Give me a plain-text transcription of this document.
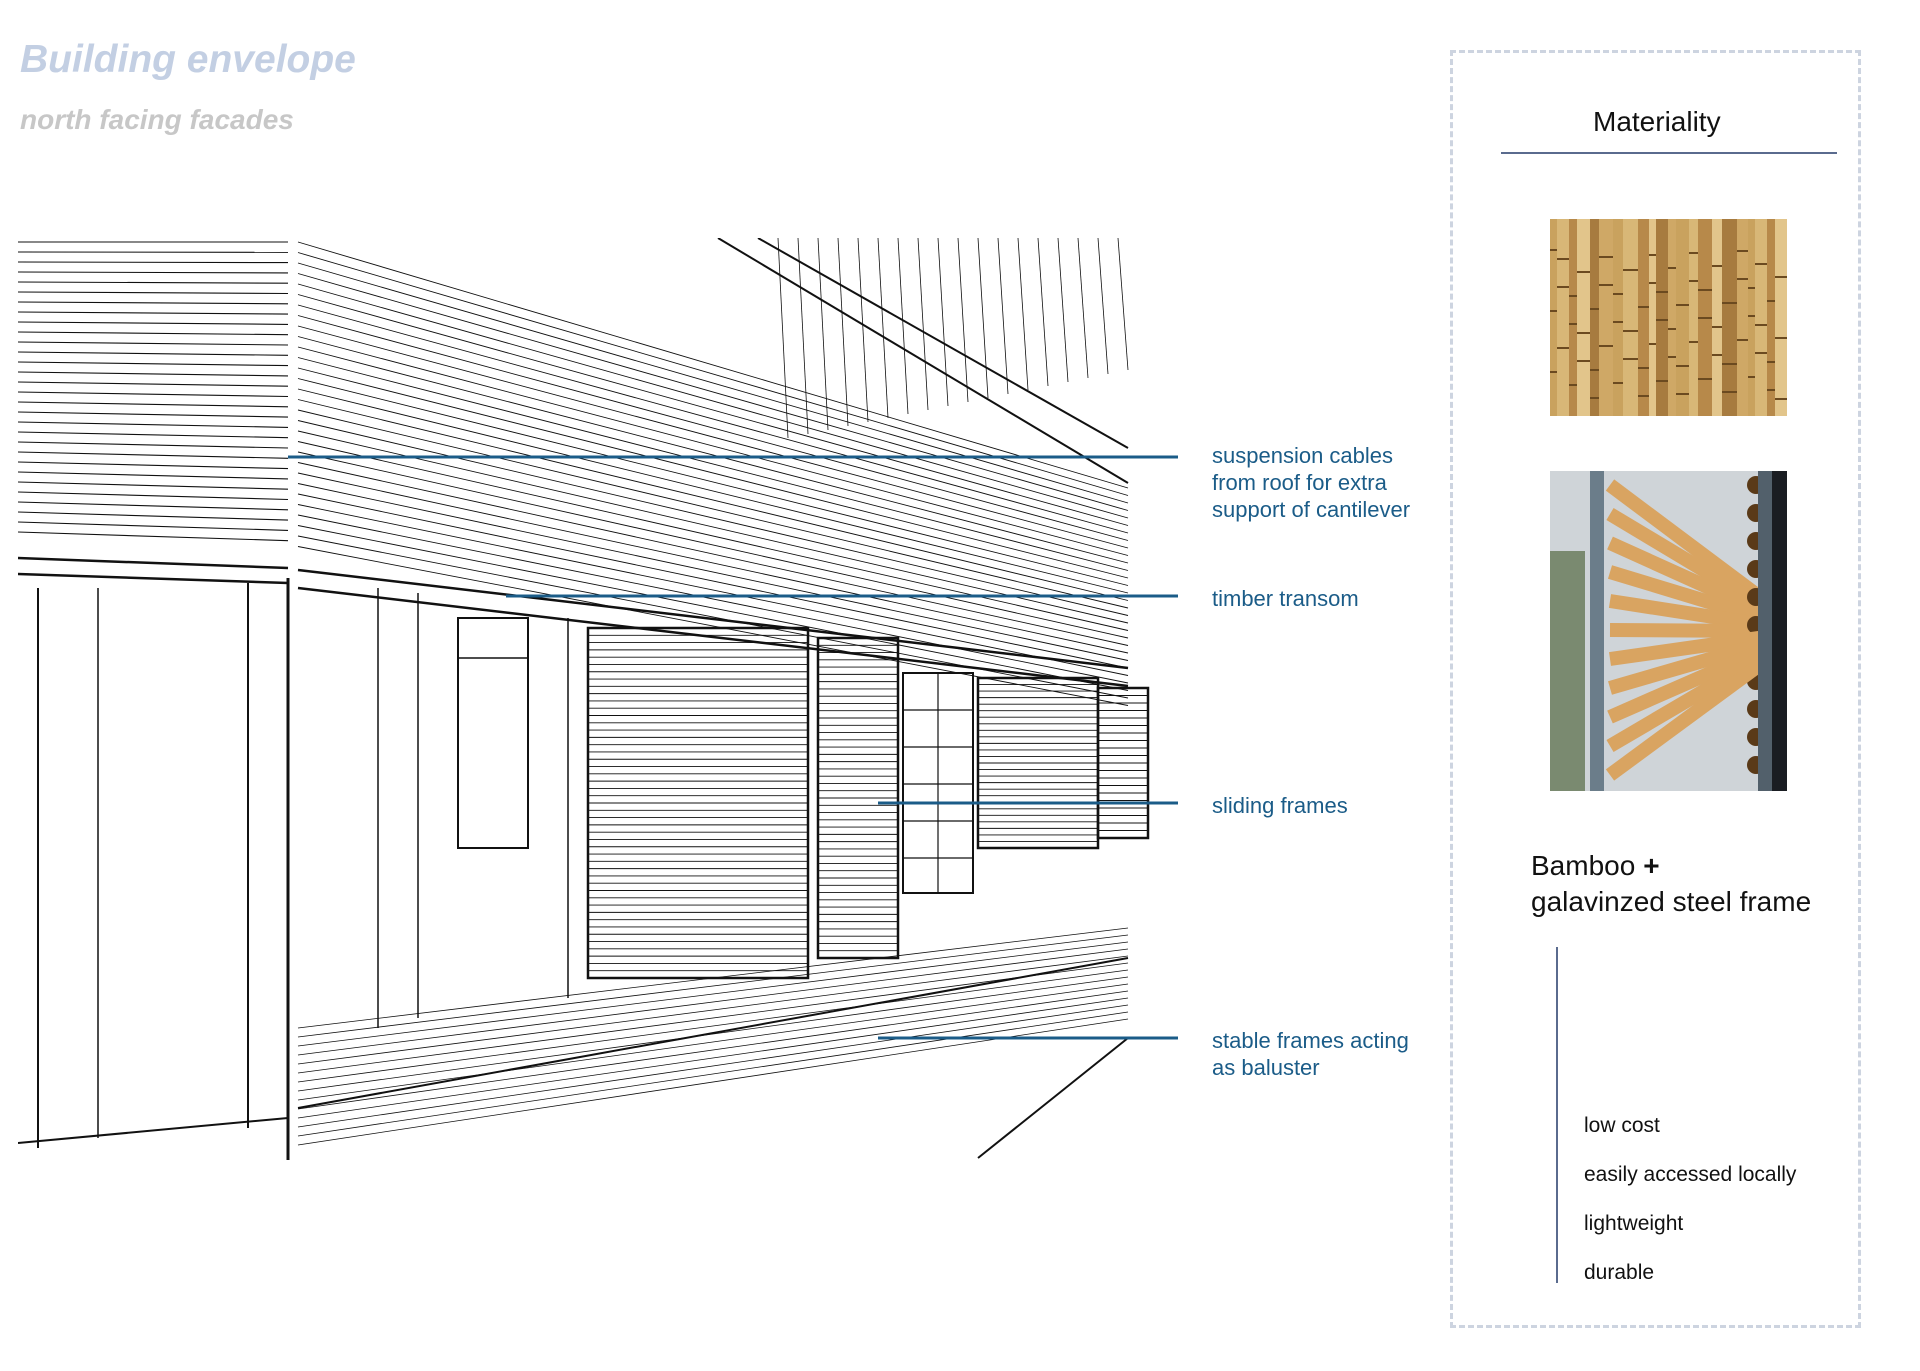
Building envelope
north facing facades
suspension cables
from roof for extra
support of cantilever
timber transom
sliding frames
stable frames acting
as baluster
Materiality
Bamboo +
galavinzed steel frame
low cost
easily accessed locally
lightweight
durable
